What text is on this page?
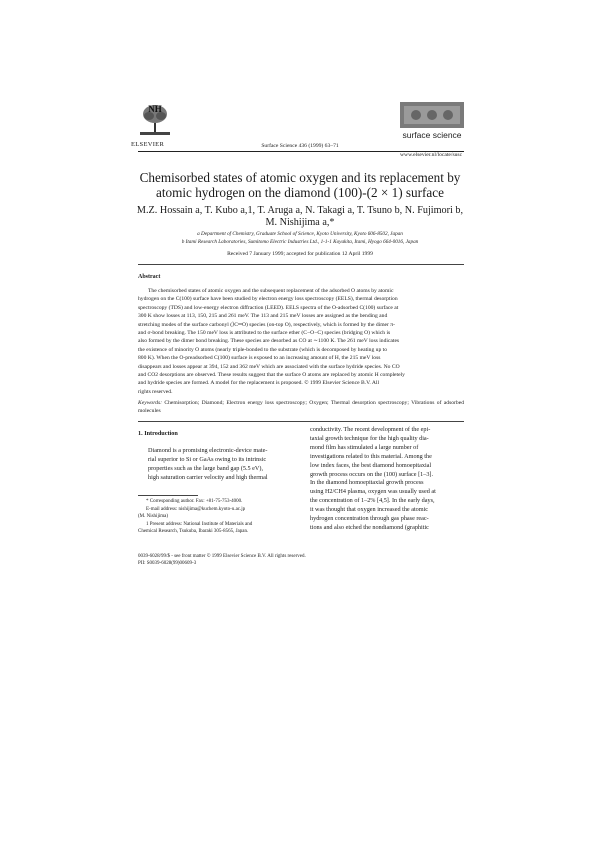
NH
ELSEVIER	Surface Science 436 (1999) 63–71
surface science
www.elsevier.nl/locate/susc
Chemisorbed states of atomic oxygen and its replacement by
atomic hydrogen on the diamond (100)-(2 × 1) surface
M.Z. Hossain a, T. Kubo a,1, T. Aruga a, N. Takagi a, T. Tsuno b, N. Fujimori b,
M. Nishijima a,*
a Department of Chemistry, Graduate School of Science, Kyoto University, Kyoto 606-8502, Japan
b Itami Research Laboratories, Sumitomo Electric Industries Ltd., 1-1-1 Koyakita, Itami, Hyogo 664-0016, Japan
Received 7 January 1999; accepted for publication 12 April 1999
Abstract
The chemisorbed states of atomic oxygen and the subsequent replacement of the adsorbed O atoms by atomic
hydrogen on the C(100) surface have been studied by electron energy loss spectroscopy (EELS), thermal desorption
spectroscopy (TDS) and low-energy electron diffraction (LEED). EELS spectra of the O-adsorbed C(100) surface at
300 K show losses at 113, 150, 215 and 261 meV. The 113 and 215 meV losses are assigned as the bending and
stretching modes of the surface carbonyl (⟩C═O) species (on-top O), respectively, which is formed by the dimer π-
and σ-bond breaking. The 150 meV loss is attributed to the surface ether (C−O−C) species (bridging O) which is
also formed by the dimer bond breaking. These species are desorbed as CO at ∼1100 K. The 261 meV loss indicates
the existence of minority O atoms (nearly triple-bonded to the substrate (which is decomposed by heating up to
800 K). When the O-preadsorbed C(100) surface is exposed to an increasing amount of H, the 215 meV loss
disappears and losses appear at 394, 152 and 362 meV which are associated with the surface hydride species. No CO
and CO2 desorptions are observed. These results suggest that the surface O atoms are replaced by atomic H completely
and hydride species are formed. A model for the replacement is proposed. © 1999 Elsevier Science B.V. All
rights reserved.
Keywords: Chemisorption; Diamond; Electron energy loss spectroscopy; Oxygen; Thermal desorption spectroscopy; Vibrations of adsorbed molecules
1. Introduction
Diamond is a promising electronic-device mate-
rial superior to Si or GaAs owing to its intrinsic
properties such as the large band gap (5.5 eV),
high saturation carrier velocity and high thermal
conductivity. The recent development of the epi-
taxial growth technique for the high quality dia-
mond film has stimulated a large number of
investigations related to this material. Among the
low index faces, the best diamond homoepitaxial
growth process occurs on the (100) surface [1–3].
In the diamond homoepitaxial growth process
using H2/CH4 plasma, oxygen was usually used at
the concentration of 1–2% [4,5]. In the early days,
it was thought that oxygen increased the atomic
hydrogen concentration through gas phase reac-
tions and also etched the nondiamond (graphitic

* Corresponding author. Fax: +81-75-753-4000.

E-mail address: nishijima@kuchem.kyoto-u.ac.jp

(M. Nishijima)

1 Present address: National Institute of Materials and

Chemical Research, Tsukuba, Ibaraki 305-8565, Japan.

0039-6028/99/$ - see front matter © 1999 Elsevier Science B.V. All rights reserved.

PII: S0039-6028(99)00609-3
